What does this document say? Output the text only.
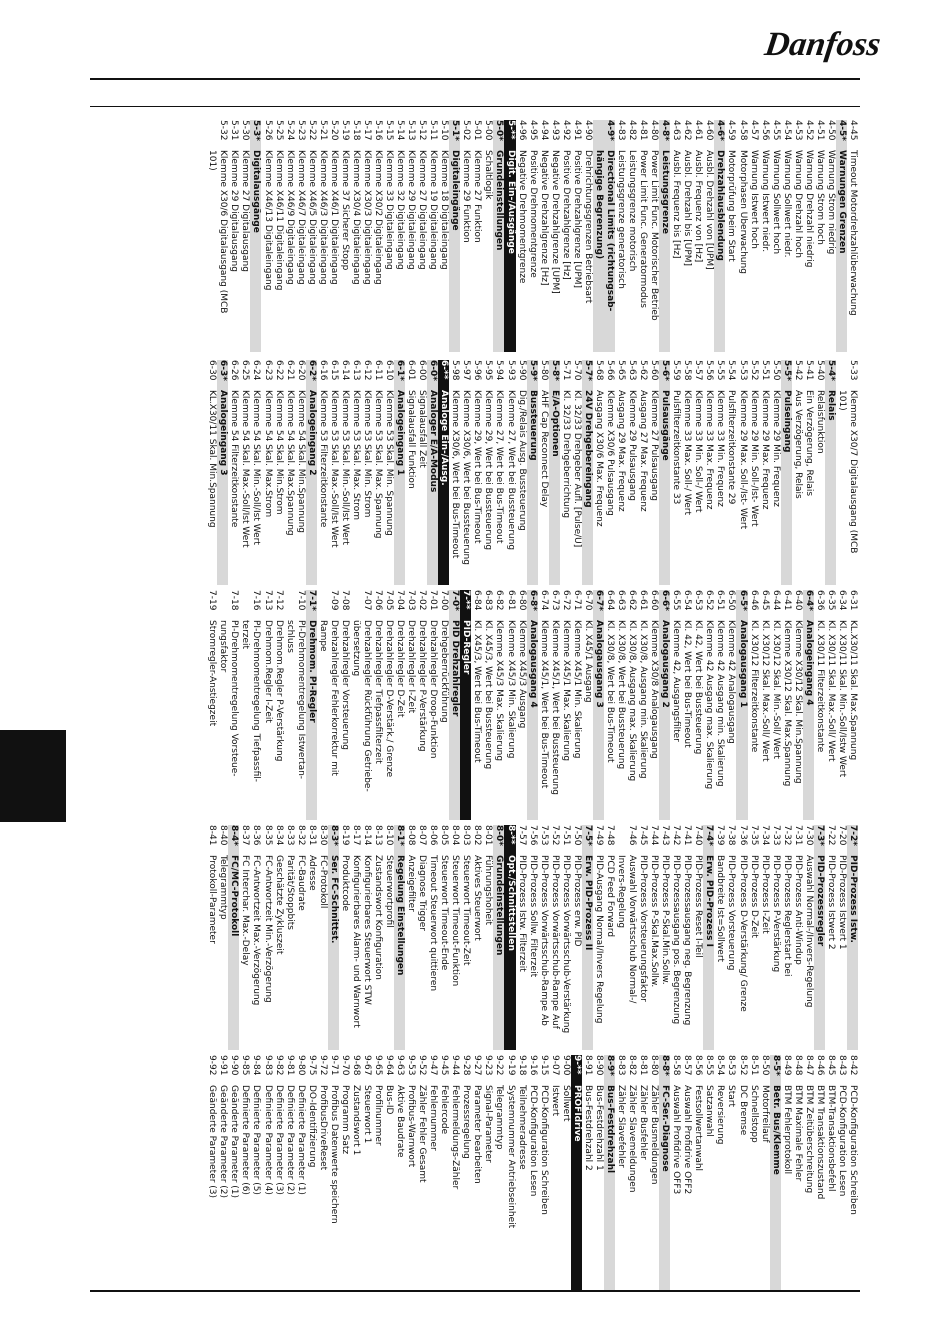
Danfoss
4-45Timeout Motordrehzahlüberwachung
4-5*Warnungen Grenzen
4-50Warnung Strom niedrig
4-51Warnung Strom hoch
4-52Warnung Drehzahl niedrig
4-53Warnung Drehzahl hoch
4-54Warnung Sollwert niedr.
4-55Warnung Sollwert hoch
4-56Warnung Istwert niedr.
4-57Warnung Istwert hoch
4-58Motorphasen Überwachung
4-59Motorprüfung beim Start
4-6*Drehzahlausblendung
4-60Ausbl. Drehzahl von [UPM]
4-61Ausbl. Frequenz von [Hz]
4-62Ausbl. Drehzahl bis [UPM]
4-63Ausbl. Frequenz bis [Hz]
4-8*Leistungsgrenze
4-80Power Limit Func. Motorischer Betrieb
4-81Power Limit Func. Generatormodus
4-82Leistungsgrenze motorisch
4-83Leistungsgrenze generatorisch
4-9*Directional Limits (richtungsab-
hängige Begrenzung)
4-90Drehrichtungsgrenzen Betriebsart
4-91Positive Drehzahlgrenze [UPM]
4-92Positive Drehzahlgrenze [Hz]
4-93Negative Drehzahlgrenze [UPM]
4-94Negative Drehzahlgrenze [Hz]
4-95Positive Drehmomentgrenze
4-96Negative Drehmomentgrenze
5-**Digit. Ein-/Ausgänge
5-0*Grundeinstellungen
5-00Schaltlogik
5-01Klemme 27 Funktion
5-02Klemme 29 Funktion
5-1*Digitaleingänge
5-10Klemme 18 Digitaleingang
5-11Klemme 19 Digitaleingang
5-12Klemme 27 Digitaleingang
5-13Klemme 29 Digitaleingang
5-14Klemme 32 Digitaleingang
5-15Klemme 33 Digitaleingang
5-16Klemme X30/2 Digitaleingang
5-17Klemme X30/3 Digitaleingang
5-18Klemme X30/4 Digitaleingang
5-19Klemme 37 Sicherer Stopp
5-20Klemme X46/1 Digitaleingang
5-21Klemme X46/3 Digitaleingang
5-22Klemme X46/5 Digitaleingang
5-23Klemme X46/7 Digitaleingang
5-24Klemme X46/9 Digitaleingang
5-25Klemme X46/11 Digitaleingang
5-26Klemme X46/13 Digitaleingang
5-3*Digitalausgänge
5-30Klemme 27 Digitalausgang
5-31Klemme 29 Digitalausgang
5-32Klemme X30/6 Digitalausgang (MCB
101)
5-33Klemme X30/7 Digitalausgang (MCB
101)
5-4*Relais
5-40Relaisfunktion
5-41Ein Verzögerung, Relais
5-42Aus Verzögerung, Relais
5-5*Pulseingang
5-50Klemme 29 Min. Frequenz
5-51Klemme 29 Max. Frequenz
5-52Klemme 29 Min. Soll-/Ist- Wert
5-53Klemme 29 Max. Soll-/Ist- Wert
5-54Pulsfilterzeitkonstante 29
5-55Klemme 33 Min. Frequenz
5-56Klemme 33 Max. Frequenz
5-57Klemme 33 Min. Soll-/ Wert
5-58Klemme 33 Max. Soll-/ Wert
5-59Pulsfilterzeitkonstante 33
5-6*Pulsausgänge
5-60Klemme 27 Pulsausgang
5-62Ausgang 27 Max. Frequenz
5-63Klemme 29 Pulsausgang
5-65Ausgang 29 Max. Frequenz
5-66Klemme X30/6 Pulsausgang
5-68Ausgang X30/6 Max. Frequenz
5-7*24V Drehgebereingang
5-70Kl. 32/33 Drehgeber Aufl. [Pulse/U]
5-71Kl. 32/33 Drehgeberrichtung
5-8*E/A-Optionen
5-80AHF Cap Reconnect Delay
5-9*Bussteuerung
5-90Dig./Relais Ausg. Bussteuerung
5-93Klemme 27, Wert bei Bussteuerung
5-94Klemme 27, Wert bei Bus-Timeout
5-95Klemme 29, Wert bei Bussteuerung
5-96Klemme 29, Wert bei Bus-Timeout
5-97Klemme X30/6, Wert bei Bussteuerung
5-98Klemme X30/6, Wert bei Bus-Timeout
6-**Analoge Ein-/Ausg.
6-0*Analoger E/A-Modus
6-00Signalausfall Zeit
6-01Signalausfall Funktion
6-1*Analogeingang 1
6-10Klemme 53 Skal. Min. Spannung
6-11Klemme 53 Skal. Max. Spannung
6-12Klemme 53 Skal. Min. Strom
6-13Klemme 53 Skal. Max. Strom
6-14Klemme 53 Skal. Min.-Soll/Ist Wert
6-15Klemme 53 Skal. Max.-Soll/Ist Wert
6-16Klemme 53 Filterzeitkonstante
6-2*Analogeingang 2
6-20Klemme 54 Skal. Min.Spannung
6-21Klemme 54 Skal. Max.Spannung
6-22Klemme 54 Skal. Min.Strom
6-23Klemme 54 Skal. Max.Strom
6-24Klemme 54 Skal. Min.-Soll/Ist Wert
6-25Klemme 54 Skal. Max.-Soll/Ist Wert
6-26Klemme 54 Filterzeitkonstante
6-3*Analogeingang 3
6-30KL.X30/11 Skal. Min.Spannung
6-31KL.X30/11 Skal. Max.Spannung
6-34Kl. X30/11 Skal. Min.-Soll/Istw Wert
6-35Kl. X30/11 Skal. Max.-Soll/ Wert
6-36Kl. X30/11 Filterzeitkonstante
6-4*Analogeingang 4
6-40Klemme X30/12 Skal. Min.Spannung
6-41Klemme X30/12 Skal. Max.Spannung
6-44Kl. X30/12 Skal. Min.-Soll/ Wert
6-45Kl. X30/12 Skal. Max.-Soll/ Wert
6-46Kl. X30/12 Filterzeitkonstante
6-5*Analogausgang 1
6-50Klemme 42 Analogausgang
6-51Klemme 42 Ausgang min. Skalierung
6-52Klemme 42 Ausgang max. Skalierung
6-53Kl. 42, Wert bei Bussteuerung
6-54Kl. 42, Wert bei Bus-Timeout
6-55Klemme 42, Ausgangsfilter
6-6*Analogausgang 2
6-60Klemme X30/8 Analogausgang
6-61Kl. X30/8, Ausgang min. Skalierung
6-62Kl. X30/8, Ausgang max. Skalierung
6-63Kl. X30/8, Wert bei Bussteuerung
6-64Kl. X30/8, Wert bei Bus-Timeout
6-7*Analogausgang 3
6-70Kl. X45/1 Ausgang
6-71Klemme X45/1 Min. Skalierung
6-72Klemme X45/1 Max. Skalierung
6-73Klemme X45/1, Wert bei Bussteuerung
6-74Klemme X45/1, Wert bei Bus-Timeout
6-8*Analogausgang 4
6-80Klemme X45/3 Ausgang
6-81Klemme X45/3 Min. Skalierung
6-82Klemme X45/3 Max. Skalierung
6-83Kl. X45/3, Wert bei Bussteuerung
6-84Kl. X45/3, Wert bei Bus-Timeout
7-**PID-Regler
7-0*PID Drehzahlregler
7-00Drehgeberrückführung
7-01Drehzahlregler Droop-Funktion
7-02Drehzahlregler P-Verstärkung
7-03Drehzahlregler I-Zeit
7-04Drehzahlregler D-Zeit
7-05Drehzahlregler D-Verstärk./ Grenze
7-06Drehzahlregler Tiefpassfilterzeit
7-07Drehzahlregler Rückführung Getriebe-
übersetzung
7-08Drehzahlregler Vorsteuerung
7-09Drehzahlregler Fehlerkorrektur mit
Rampe
7-1*Drehmom. PI-Regler
7-10PI-Drehmomentregelung Istwertan-
schluss
7-12Drehmom.Regler P-Verstärkung
7-13Drehmom.Regler I-Zeit
7-16PI-Drehmomentregelung Tiefpassfil-
terzeit
7-18PI-Drehmomentregelung Vorsteue-
rungsfaktor
7-19Stromregler-Anstiegzeit
7-2*PID-Prozess Istw.
7-20PID-Prozess Istwert 1
7-22PID-Prozess Istwert 2
7-3*PID-Prozessregler
7-30Auswahl Normal-/Invers-Regelung
7-31PID-Prozess Anti-Windup
7-32PID-Prozess Reglerstart bei
7-33PID-Prozess P-Verstärkung
7-34PID-Prozess I-Zeit
7-35PID-Prozess D-Zeit
7-36PID-Prozess D-Verstärkung/ Grenze
7-38PID-Prozess Vorsteuerung
7-39Bandbreite Ist=Sollwert
7-4*Erw. PID-Prozess I
7-40PID-Prozess Reset I-Teil
7-41PID-Prozessausgang neg. Begrenzung
7-42PID-Prozessausgang pos. Begrenzung
7-43PID-Prozess P-Skal.Min.Sollw.
7-44PID-Prozess P-Skal.Max.Sollw.
7-45PID-Prozess Vorsteuerungsfaktor
7-46Auswahl Vorwärtsschub Normal-/
Invers-Regelung
7-48PCD Feed Forward
7-49PID-Ausgang Normal/Invers Regelung
7-5*Erw. PID-Prozess II
7-50PID-Prozess erw. PID
7-51PID-Prozess Vorwärtsschub-Verstärkung
7-52PID-Prozess Vorwärtsschub-Rampe Auf
7-53PID-Prozess Vorwärtsschub-Rampe Ab
7-56PID-Prozess Sollw. Filterzeit
7-57PID-Prozess Istw. Filterzeit
8-**Opt./Schnittstellen
8-0*Grundeinstellungen
8-01Führungshoheit
8-02Aktives Steuerwort
8-03Steuerwort Timeout-Zeit
8-04Steuerwort Timeout-Funktion
8-05Steuerwort Timeout-Ende
8-06Timeout Steuerwort quittieren
8-07Diagnose Trigger
8-08Anzeigefilter
8-1*Regelung Einstellungen
8-10Steuerwortprofil
8-13Zustandswort Konfiguration
8-14Konfigurierbares Steuerwort STW
8-17Konfigurierbares Alarm- und Warnwort
8-19Produktcode
8-3*Ser. FC-Schnittst.
8-30FC-Protokoll
8-31Adresse
8-32FC-Baudrate
8-33Parität/Stoppbits
8-34Geschätzte Zykluszeit
8-35FC-Antwortzeit Min.-Verzögerung
8-36FC-Antwortzeit Max.-Verzögerung
8-37FC Interchar. Max.-Delay
8-4*FC/MC-Protokoll
8-40Telegrammtyp
8-41Protokoll-Parameter
8-42PCD-Konfiguration Schreiben
8-43PCD-Konfiguration Lesen
8-45BTM-Transaktionsbefehl
8-46BTM Transaktionszustand
8-47BTM Zeitüberschreitung
8-48BTM Maximale Fehler
8-49BTM Fehlerprotokoll
8-5*Betr. Bus/Klemme
8-50Motorfreilauf
8-51Schnellstopp
8-52DC Bremse
8-53Start
8-54Reversierung
8-55Satzanwahl
8-56Festsollwertanwahl
8-57Auswahl Profidrive OFF2
8-58Auswahl Profidrive OFF3
8-8*FC-Ser.-Diagnose
8-80Zähler Busmeldungen
8-81Zähler Busfehler
8-82Zähler Slavemeldungen
8-83Zähler Slavefehler
8-9*Bus-Festdrehzahl
8-90Bus-Festdrehzahl 1
8-91Bus-Festdrehzahl 2
9-**PROFIdrive
9-00Sollwert
9-07Istwert
9-15PCD-Konfiguration Schreiben
9-16PCD-Konfiguration Lesen
9-18Teilnehmeradresse
9-19Systemnummer Antriebseinheit
9-22Telegrammtyp
9-23Signal-Parameter
9-27Parameter bearbeiten
9-28Prozessregelung
9-44Fehlermeldungs-Zähler
9-45Fehlercode
9-47Fehlernummer
9-52Zähler Fehler Gesamt
9-53Profibus-Warnwort
9-63Aktive Baudrate
9-64Bus-ID
9-65Profilnummer
9-67Steuerwort 1
9-68Zustandswort 1
9-70Programm Satz
9-71Profibus Datenwerte speichern
9-72ProfibusDriveReset
9-75DO-Identifizierung
9-80Definierte Parameter (1)
9-81Definierte Parameter (2)
9-82Definierte Parameter (3)
9-83Definierte Parameter (4)
9-84Definierte Parameter (5)
9-85Definierte Parameter (6)
9-90Geänderte Parameter (1)
9-91Geänderte Parameter (2)
9-92Geänderte Parameter (3)
